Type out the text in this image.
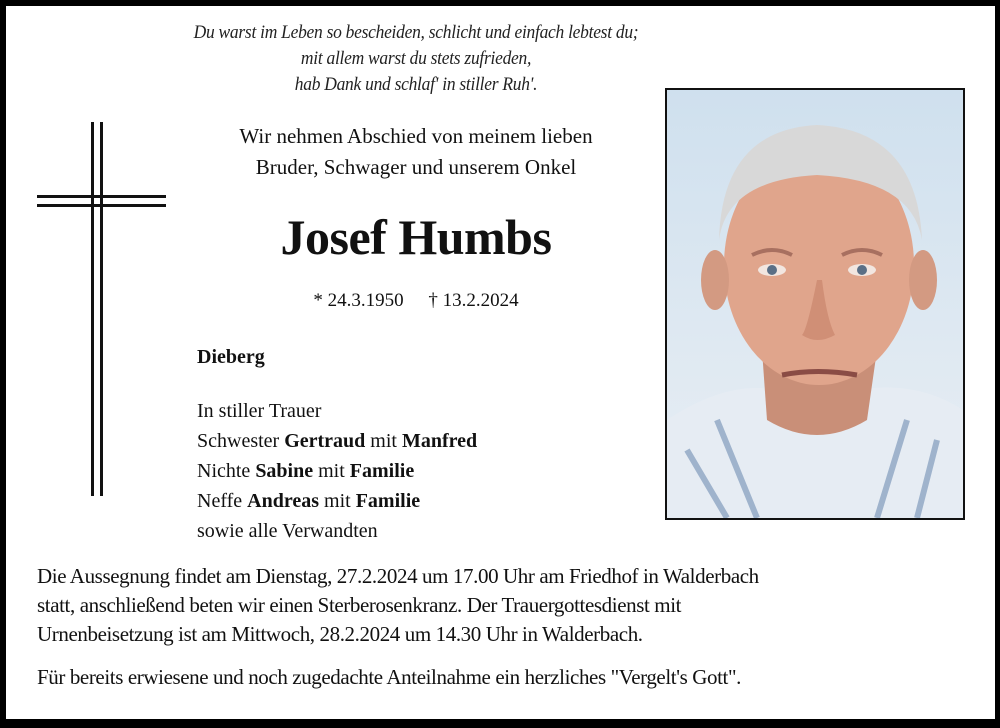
Du warst im Leben so bescheiden, schlicht und einfach lebtest du;
mit allem warst du stets zufrieden,
hab Dank und schlaf' in stiller Ruh'.
Wir nehmen Abschied von meinem lieben
Bruder, Schwager und unserem Onkel
Josef Humbs
* 24.3.1950 † 13.2.2024
Dieberg
In stiller Trauer
Schwester Gertraud mit Manfred
Nichte Sabine mit Familie
Neffe Andreas mit Familie
sowie alle Verwandten

Die Aussegnung findet am Dienstag, 27.2.2024 um 17.00 Uhr am Friedhof in Walderbach
statt, anschließend beten wir einen Sterberosenkranz. Der Trauergottesdienst mit
Urnenbeisetzung ist am Mittwoch, 28.2.2024 um 14.30 Uhr in Walderbach.

Für bereits erwiesene und noch zugedachte Anteilnahme ein herzliches "Vergelt's Gott".
